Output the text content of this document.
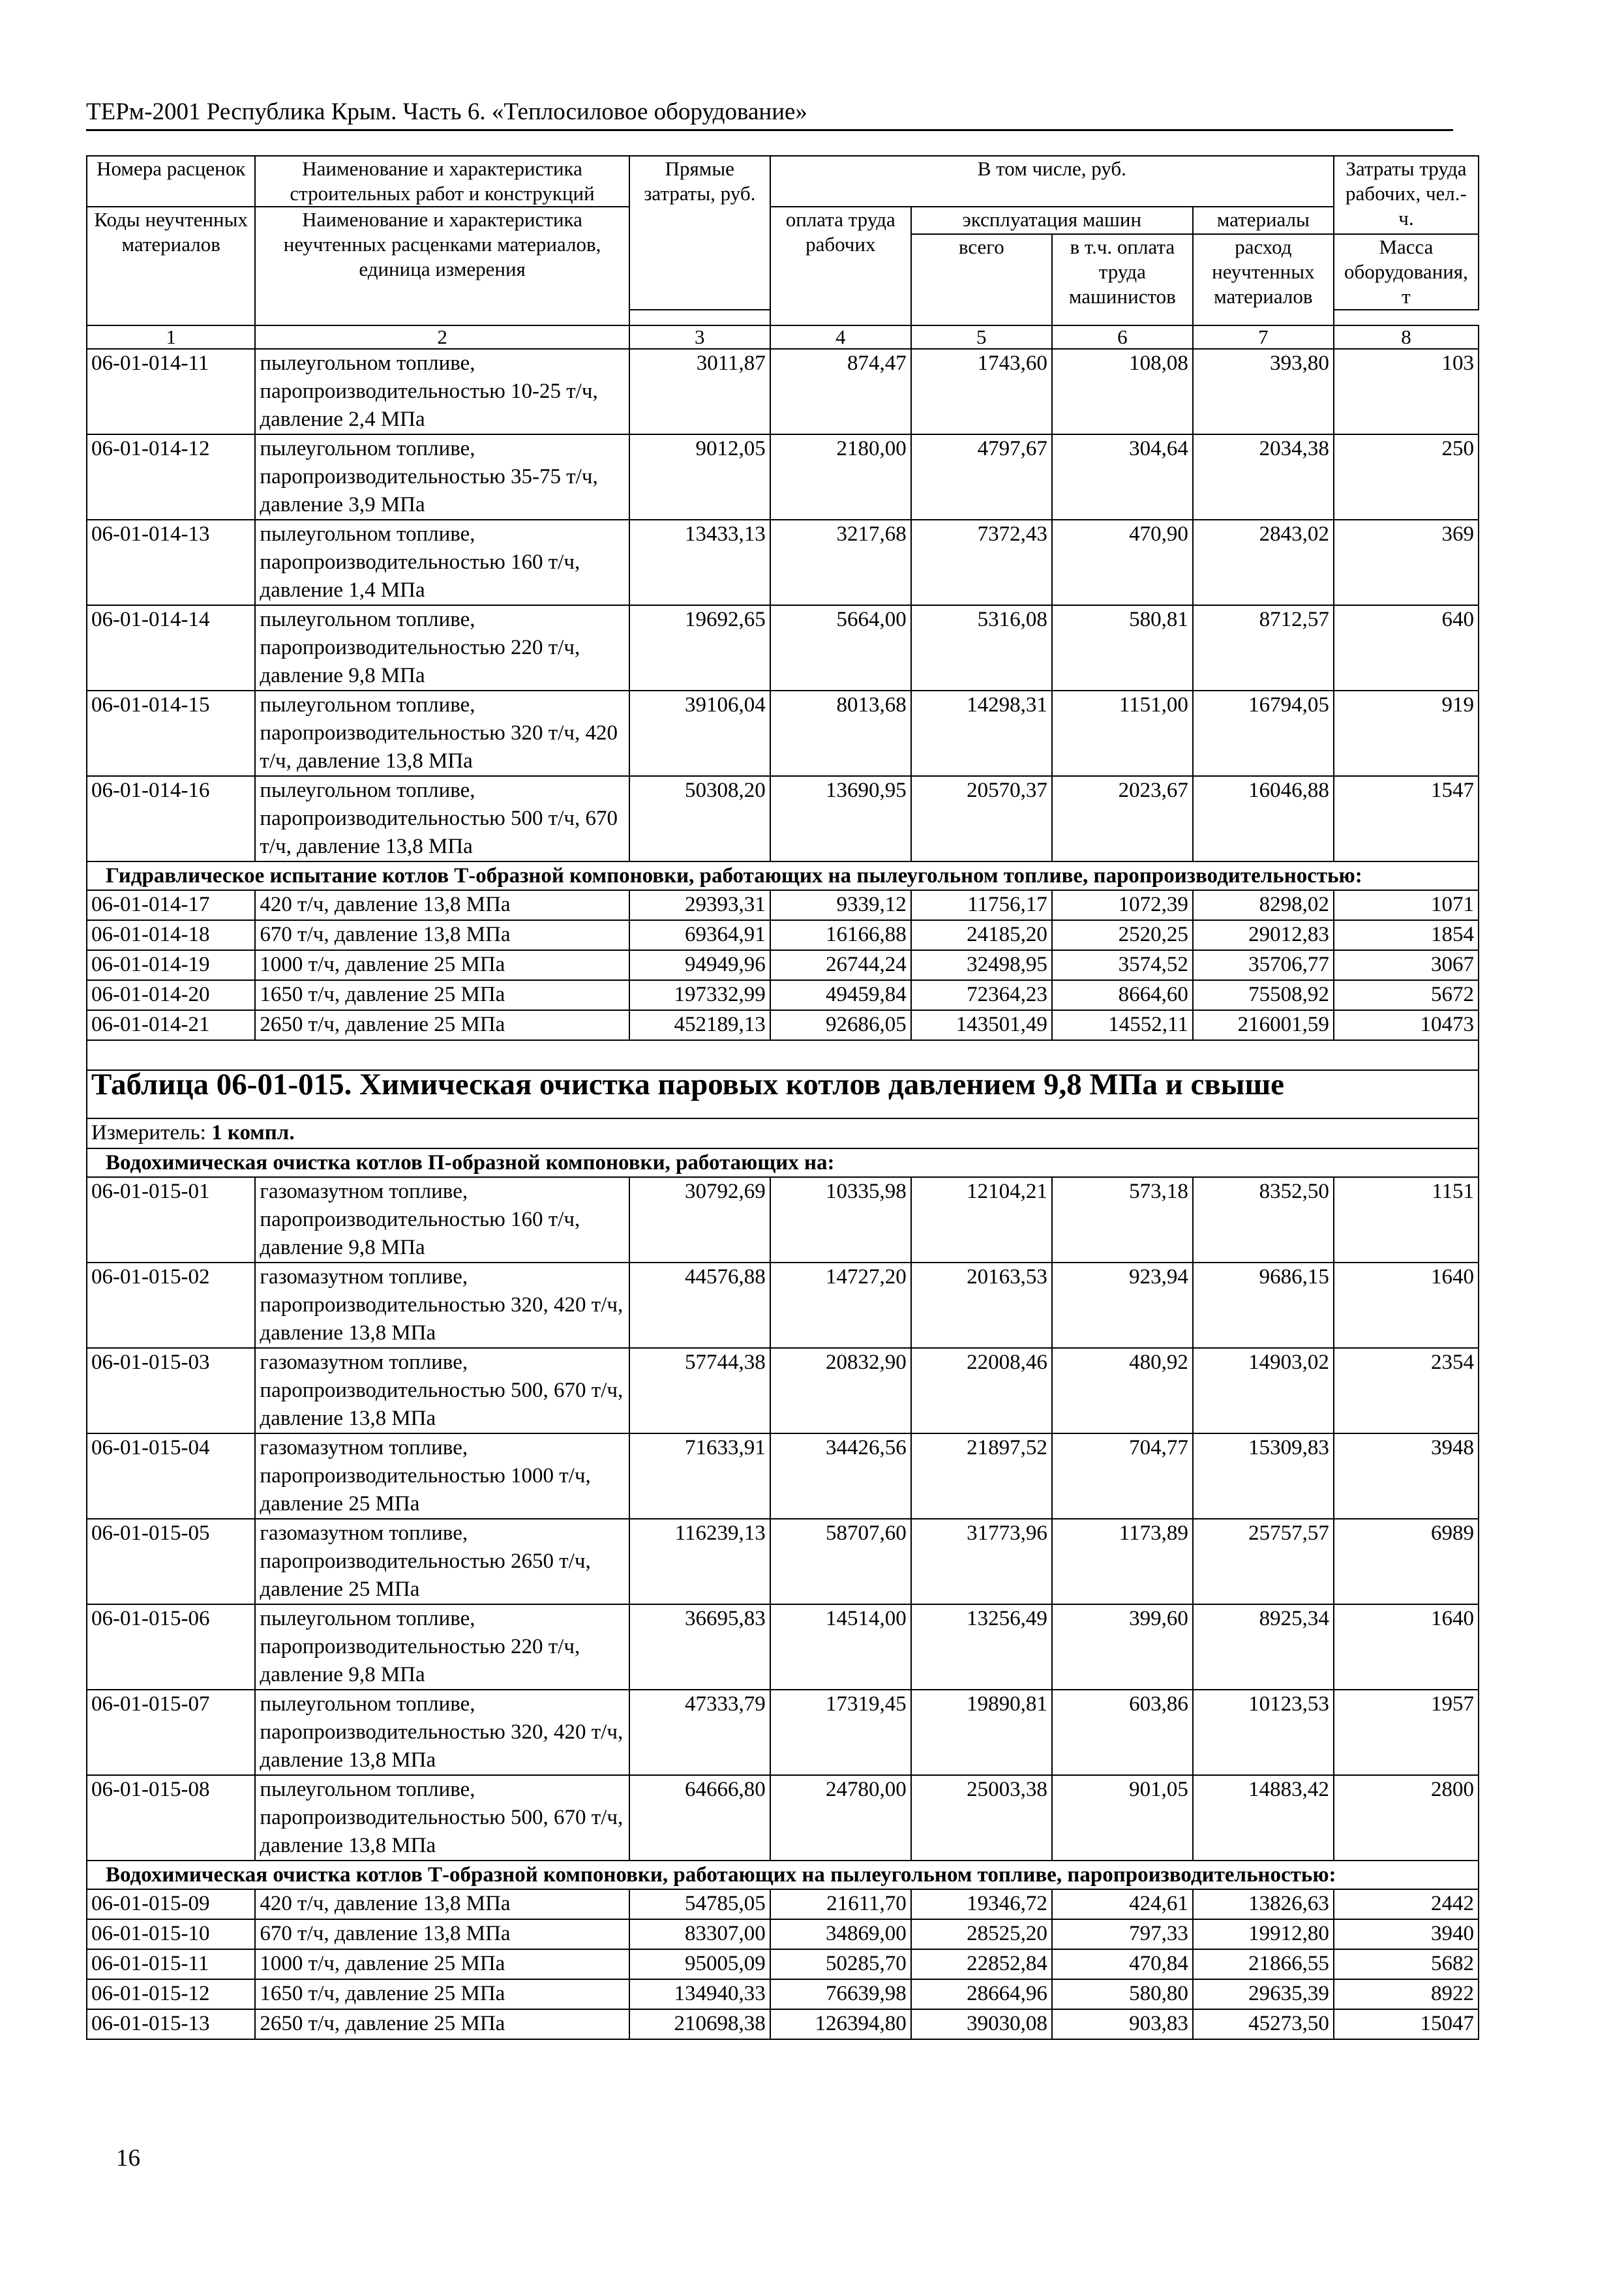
ТЕРм-2001 Республика Крым. Часть 6. «Теплосиловое оборудование»
Номера расценок	Наименование и характеристика строительных работ и конструкций	Прямые затраты, руб.	В том числе, руб.				Затраты труда рабочих, чел.-ч.
Коды неучтенных материалов	Наименование и характеристика неучтенных расценками материалов, единица измерения		оплата труда рабочих	эксплуатация машин		материалы	
				всего	в т.ч. оплата труда машинистов	расход неучтенных материалов	Масса оборудования, т

1	2	3	4	5	6	7	8
06-01-014-11	пылеугольном топливе, паропроизводительностью 10-25 т/ч, давление 2,4 МПа	3011,87	874,47	1743,60	108,08	393,80	103
06-01-014-12	пылеугольном топливе, паропроизводительностью 35-75 т/ч, давление 3,9 МПа	9012,05	2180,00	4797,67	304,64	2034,38	250
06-01-014-13	пылеугольном топливе, паропроизводительностью 160 т/ч, давление 1,4 МПа	13433,13	3217,68	7372,43	470,90	2843,02	369
06-01-014-14	пылеугольном топливе, паропроизводительностью 220 т/ч, давление 9,8 МПа	19692,65	5664,00	5316,08	580,81	8712,57	640
06-01-014-15	пылеугольном топливе, паропроизводительностью 320 т/ч, 420 т/ч, давление 13,8 МПа	39106,04	8013,68	14298,31	1151,00	16794,05	919
06-01-014-16	пылеугольном топливе, паропроизводительностью 500 т/ч, 670 т/ч, давление 13,8 МПа	50308,20	13690,95	20570,37	2023,67	16046,88	1547
Гидравлическое испытание котлов Т-образной компоновки, работающих на пылеугольном топливе, паропроизводительностью:							
06-01-014-17	420 т/ч, давление 13,8 МПа	29393,31	9339,12	11756,17	1072,39	8298,02	1071
06-01-014-18	670 т/ч, давление 13,8 МПа	69364,91	16166,88	24185,20	2520,25	29012,83	1854
06-01-014-19	1000 т/ч, давление 25 МПа	94949,96	26744,24	32498,95	3574,52	35706,77	3067
06-01-014-20	1650 т/ч, давление 25 МПа	197332,99	49459,84	72364,23	8664,60	75508,92	5672
06-01-014-21	2650 т/ч, давление 25 МПа	452189,13	92686,05	143501,49	14552,11	216001,59	10473

Таблица 06-01-015. Химическая очистка паровых котлов давлением 9,8 МПа и свыше							
Измеритель: 1 компл.							
Водохимическая очистка котлов П-образной компоновки, работающих на:							
06-01-015-01	газомазутном топливе, паропроизводительностью 160 т/ч, давление 9,8 МПа	30792,69	10335,98	12104,21	573,18	8352,50	1151
06-01-015-02	газомазутном топливе, паропроизводительностью 320, 420 т/ч, давление 13,8 МПа	44576,88	14727,20	20163,53	923,94	9686,15	1640
06-01-015-03	газомазутном топливе, паропроизводительностью 500, 670 т/ч, давление 13,8 МПа	57744,38	20832,90	22008,46	480,92	14903,02	2354
06-01-015-04	газомазутном топливе, паропроизводительностью 1000 т/ч, давление 25 МПа	71633,91	34426,56	21897,52	704,77	15309,83	3948
06-01-015-05	газомазутном топливе, паропроизводительностью 2650 т/ч, давление 25 МПа	116239,13	58707,60	31773,96	1173,89	25757,57	6989
06-01-015-06	пылеугольном топливе, паропроизводительностью 220 т/ч, давление 9,8 МПа	36695,83	14514,00	13256,49	399,60	8925,34	1640
06-01-015-07	пылеугольном топливе, паропроизводительностью 320, 420 т/ч, давление 13,8 МПа	47333,79	17319,45	19890,81	603,86	10123,53	1957
06-01-015-08	пылеугольном топливе, паропроизводительностью 500, 670 т/ч, давление 13,8 МПа	64666,80	24780,00	25003,38	901,05	14883,42	2800
Водохимическая очистка котлов Т-образной компоновки, работающих на пылеугольном топливе, паропроизводительностью:							
06-01-015-09	420 т/ч, давление 13,8 МПа	54785,05	21611,70	19346,72	424,61	13826,63	2442
06-01-015-10	670 т/ч, давление 13,8 МПа	83307,00	34869,00	28525,20	797,33	19912,80	3940
06-01-015-11	1000 т/ч, давление 25 МПа	95005,09	50285,70	22852,84	470,84	21866,55	5682
06-01-015-12	1650 т/ч, давление 25 МПа	134940,33	76639,98	28664,96	580,80	29635,39	8922
06-01-015-13	2650 т/ч, давление 25 МПа	210698,38	126394,80	39030,08	903,83	45273,50	15047
16
